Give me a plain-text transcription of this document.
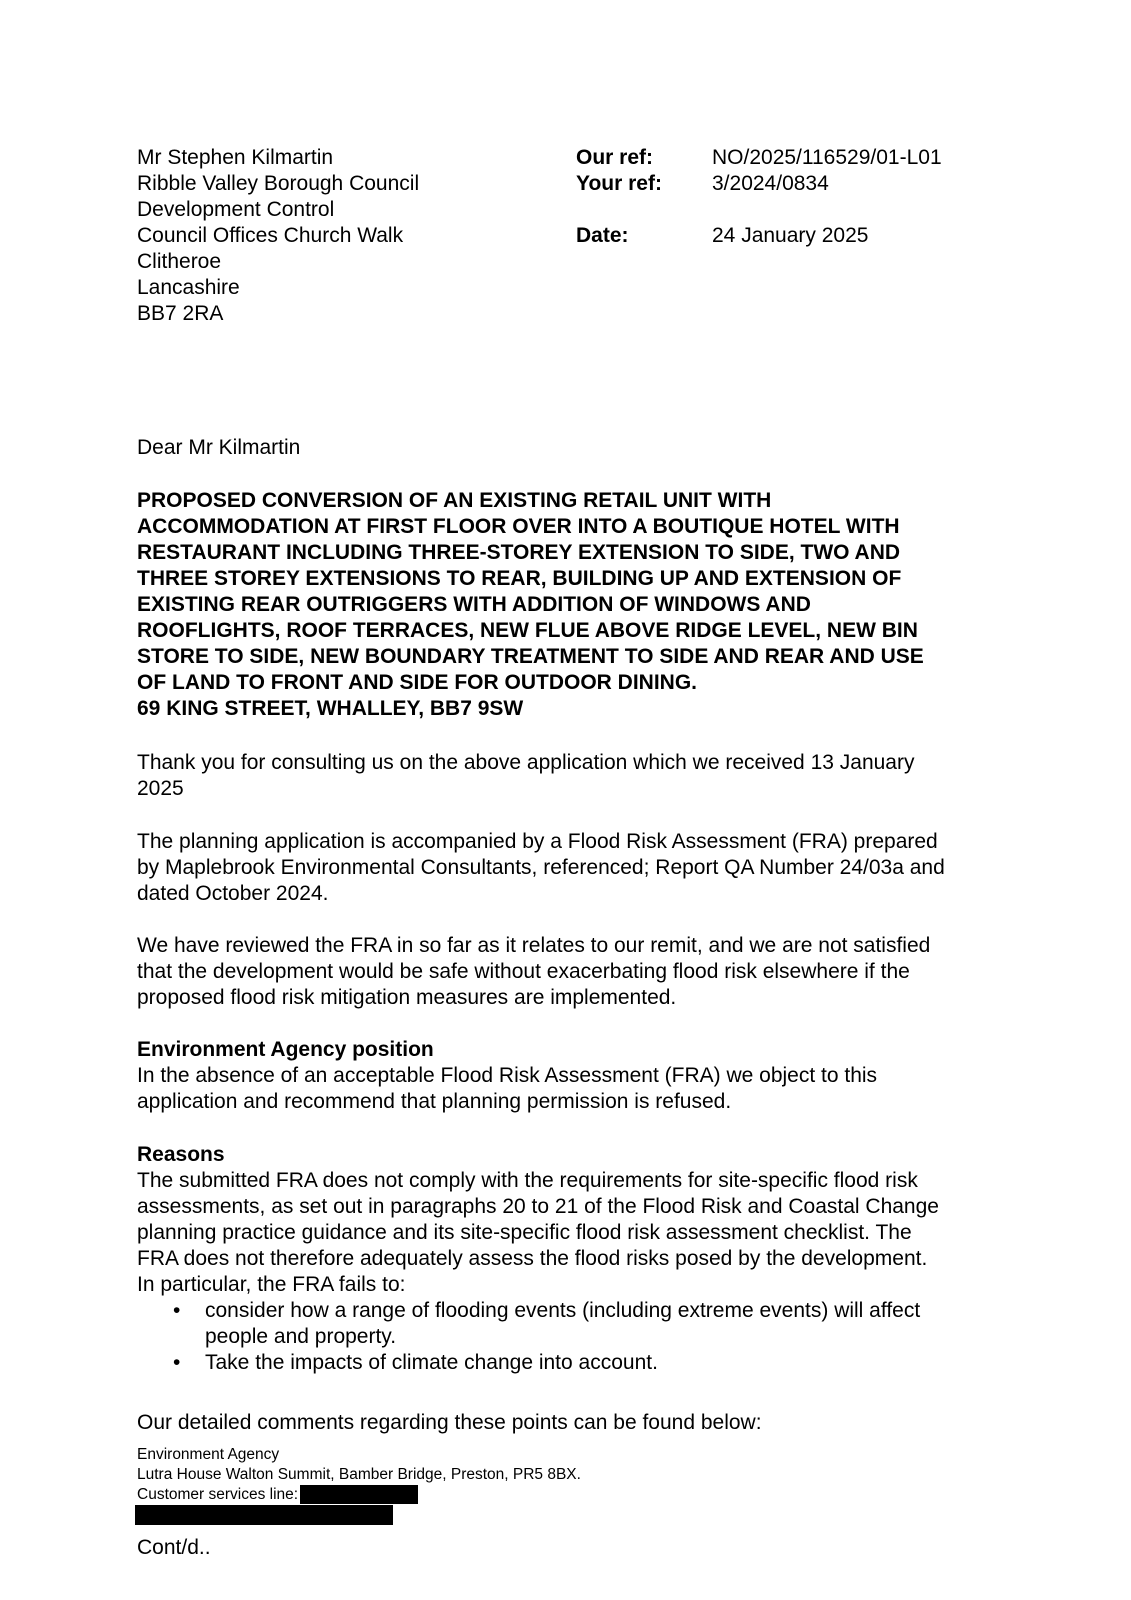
Mr Stephen Kilmartin
Ribble Valley Borough Council
Development Control
Council Offices Church Walk
Clitheroe
Lancashire
BB7 2RA
Our ref:	NO/2025/116529/01-L01
Your ref:	3/2024/0834
Date:	24 January 2025
Dear Mr Kilmartin
PROPOSED CONVERSION OF AN EXISTING RETAIL UNIT WITH
ACCOMMODATION AT FIRST FLOOR OVER INTO A BOUTIQUE HOTEL WITH
RESTAURANT INCLUDING THREE-STOREY EXTENSION TO SIDE, TWO AND
THREE STOREY EXTENSIONS TO REAR, BUILDING UP AND EXTENSION OF
EXISTING REAR OUTRIGGERS WITH ADDITION OF WINDOWS AND
ROOFLIGHTS, ROOF TERRACES, NEW FLUE ABOVE RIDGE LEVEL, NEW BIN
STORE TO SIDE, NEW BOUNDARY TREATMENT TO SIDE AND REAR AND USE
OF LAND TO FRONT AND SIDE FOR OUTDOOR DINING.
69 KING STREET, WHALLEY, BB7 9SW
Thank you for consulting us on the above application which we received 13 January
2025
The planning application is accompanied by a Flood Risk Assessment (FRA) prepared
by Maplebrook Environmental Consultants, referenced; Report QA Number 24/03a and
dated October 2024.
We have reviewed the FRA in so far as it relates to our remit, and we are not satisfied
that the development would be safe without exacerbating flood risk elsewhere if the
proposed flood risk mitigation measures are implemented.
Environment Agency position
In the absence of an acceptable Flood Risk Assessment (FRA) we object to this
application and recommend that planning permission is refused.
Reasons
The submitted FRA does not comply with the requirements for site-specific flood risk
assessments, as set out in paragraphs 20 to 21 of the Flood Risk and Coastal Change
planning practice guidance and its site-specific flood risk assessment checklist. The
FRA does not therefore adequately assess the flood risks posed by the development.
In particular, the FRA fails to:
• consider how a range of flooding events (including extreme events) will affect
people and property.
• Take the impacts of climate change into account.
Our detailed comments regarding these points can be found below:
Environment Agency
Lutra House Walton Summit, Bamber Bridge, Preston, PR5 8BX.
Customer services line:
Cont/d..
